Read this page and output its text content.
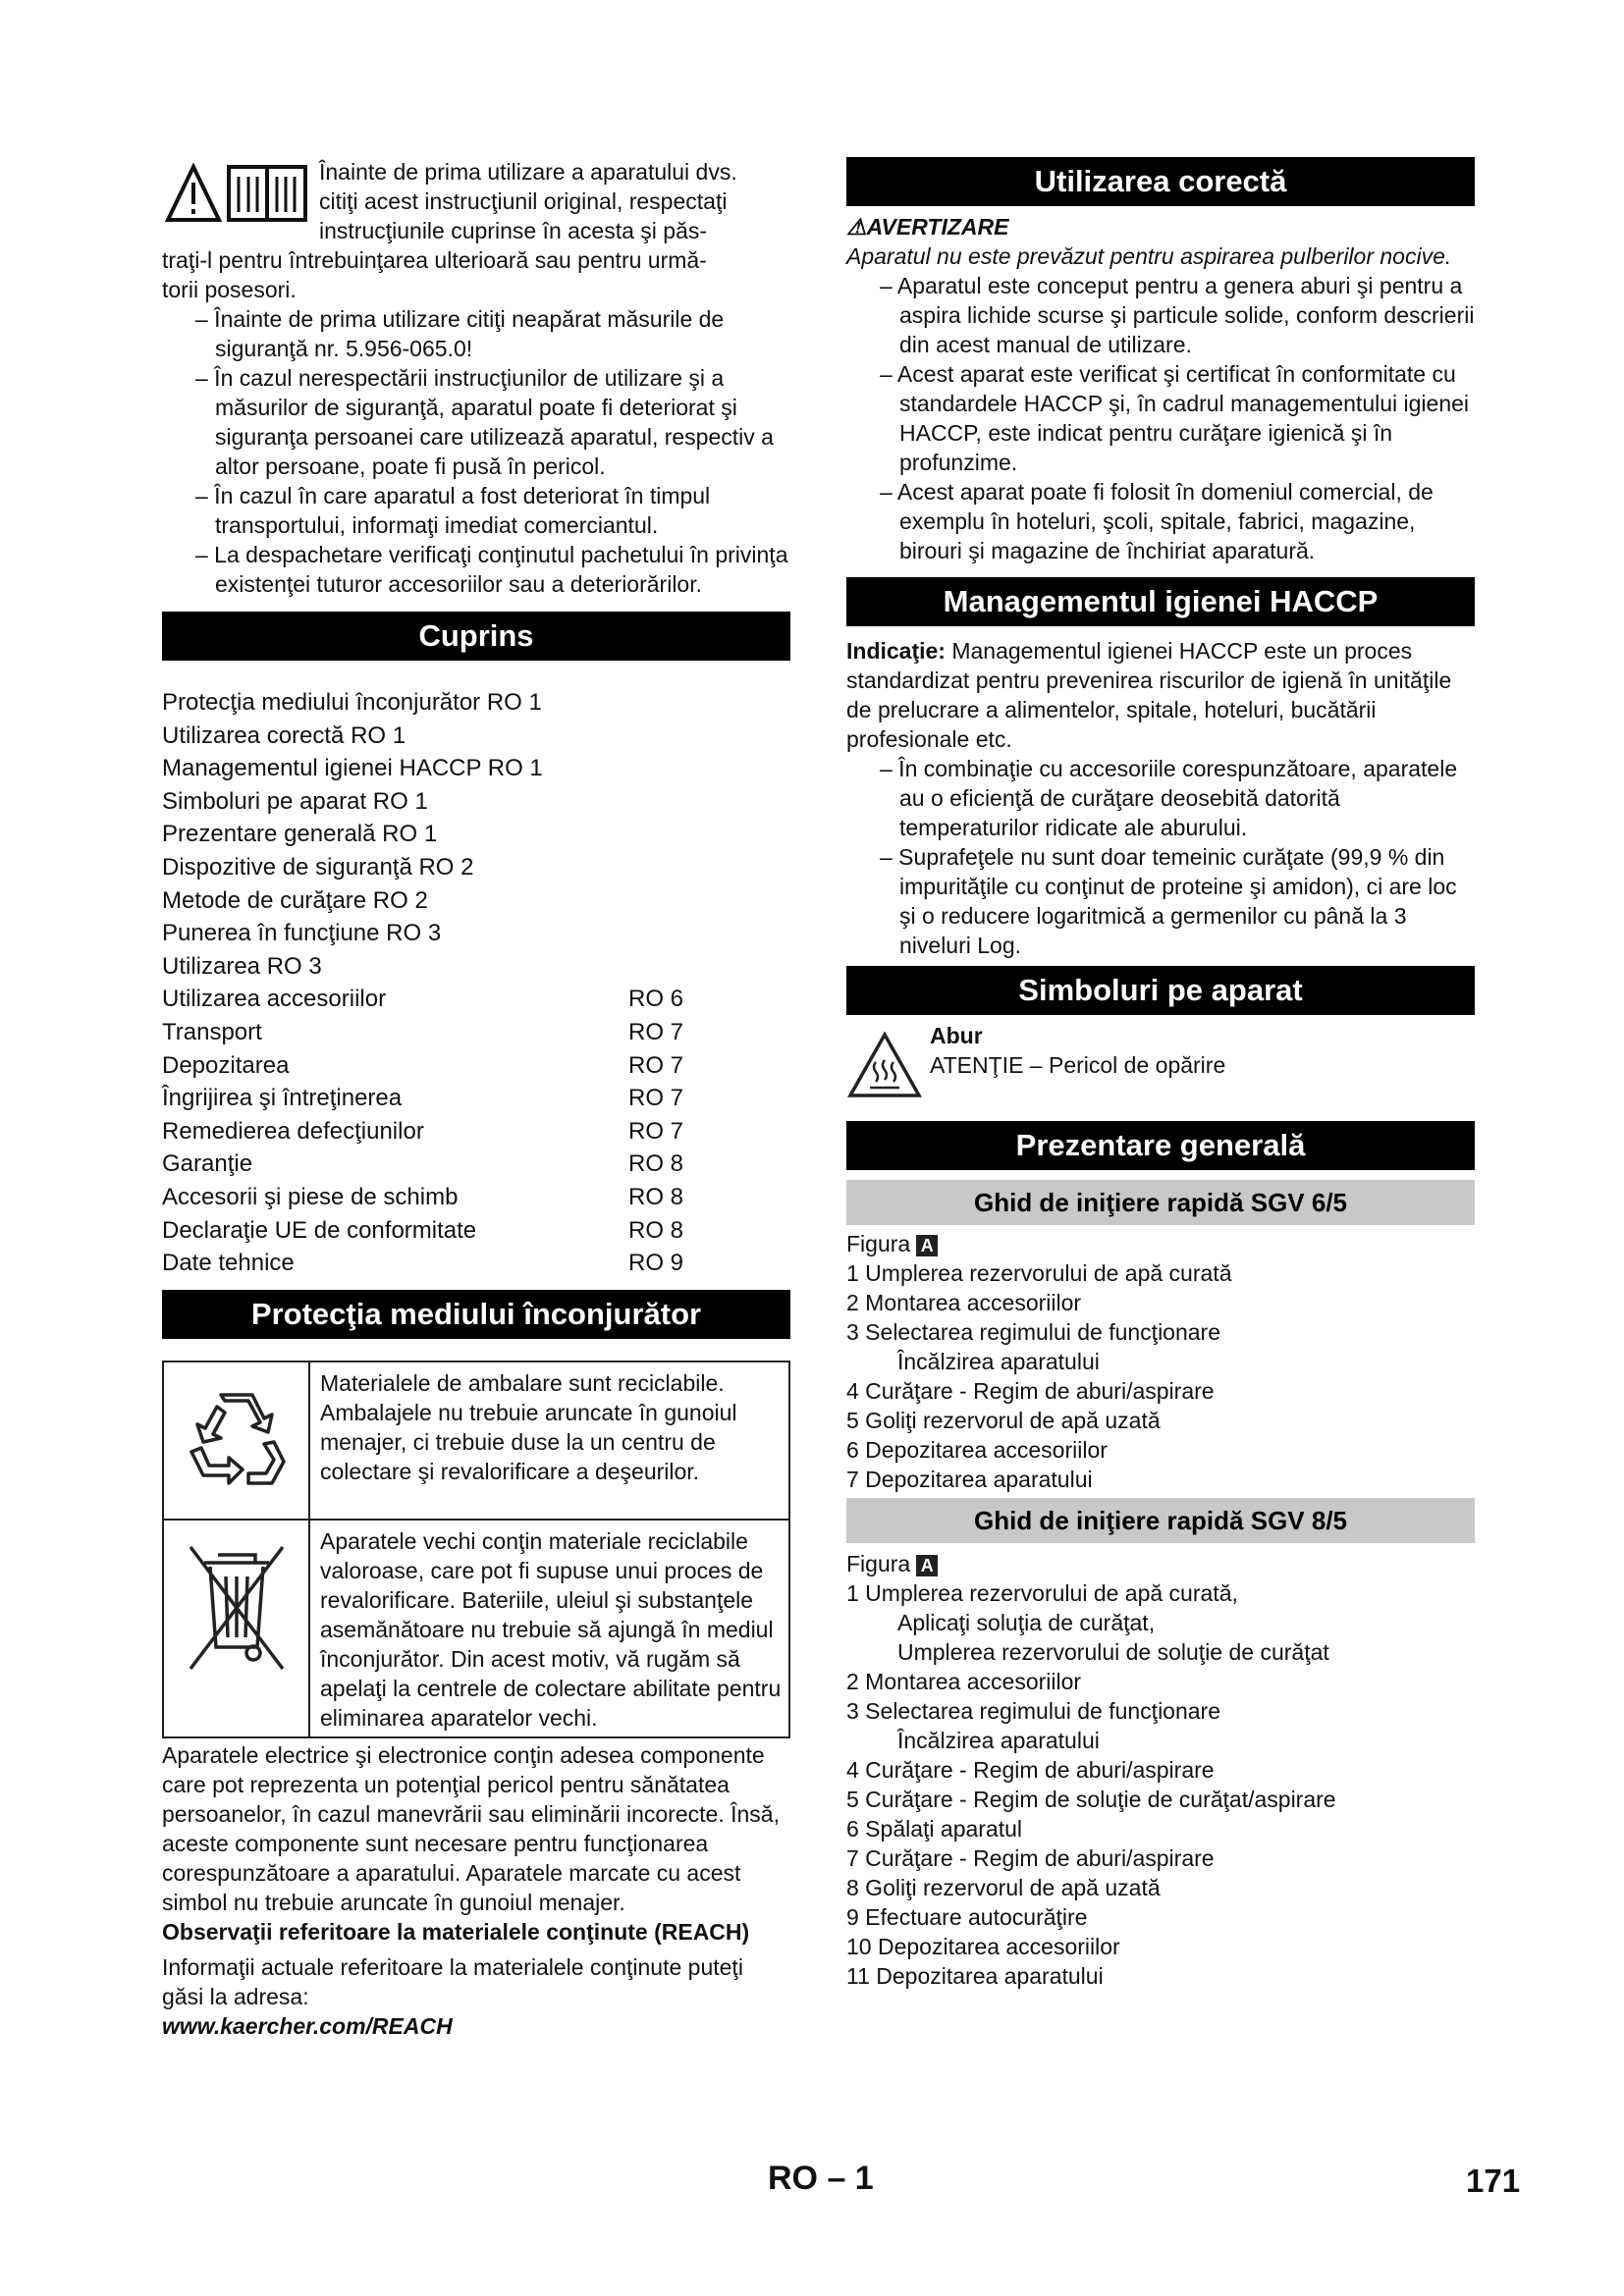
Înainte de prima utilizare a aparatului dvs.

citiţi acest instrucţiunil original, respectaţi

instrucţiunile cuprinse în acesta şi păs-

traţi-l pentru întrebuinţarea ulterioară sau pentru urmă-

torii posesori.

– Înainte de prima utilizare citiţi neapărat măsurile de siguranţă nr. 5.956-065.0!

– În cazul nerespectării instrucţiunilor de utilizare şi a măsurilor de siguranţă, aparatul poate fi deteriorat şi siguranţa persoanei care utilizează aparatul, respectiv a altor persoane, poate fi pusă în pericol.

– În cazul în care aparatul a fost deteriorat în timpul transportului, informaţi imediat comerciantul.

– La despachetare verificaţi conţinutul pachetului în privinţa existenţei tuturor accesoriilor sau a deteriorărilor.

Cuprins
Protecţia mediului înconjurător RO 1
Utilizarea corectă RO 1
Managementul igienei HACCP RO 1
Simboluri pe aparat RO 1
Prezentare generală RO 1
Dispozitive de siguranţă RO 2
Metode de curăţare RO 2
Punerea în funcţiune RO 3
Utilizarea RO 3
Utilizarea accesoriilor	RO 6
Transport	RO 7
Depozitarea	RO 7
Îngrijirea şi întreţinerea	RO 7
Remedierea defecţiunilor	RO 7
Garanţie	RO 8
Accesorii şi piese de schimb	RO 8
Declaraţie UE de conformitate	RO 8
Date tehnice	RO 9
Protecţia mediului înconjurător
	Materialele de ambalare sunt reciclabile. Ambalajele nu trebuie aruncate în gunoiul menajer, ci trebuie duse la un centru de colectare şi revalorificare a deşeurilor.
	Aparatele vechi conţin materiale reciclabile valoroase, care pot fi supuse unui proces de revalorificare. Bateriile, uleiul şi substanţele asemănătoare nu trebuie să ajungă în mediul înconjurător. Din acest motiv, vă rugăm să apelaţi la centrele de colectare abilitate pentru eliminarea aparatelor vechi.

Aparatele electrice şi electronice conţin adesea componente care pot reprezenta un potenţial pericol pentru sănătatea persoanelor, în cazul manevrării sau eliminării incorecte. Însă, aceste componente sunt necesare pentru funcţionarea corespunzătoare a aparatului. Aparatele marcate cu acest simbol nu trebuie aruncate în gunoiul menajer.

Observaţii referitoare la materialele conţinute (REACH)

Informaţii actuale referitoare la materialele conţinute puteţi găsi la adresa:

www.kaercher.com/REACH

Utilizarea corectă

⚠AVERTIZARE

Aparatul nu este prevăzut pentru aspirarea pulberilor nocive.

– Aparatul este conceput pentru a genera aburi şi pentru a aspira lichide scurse şi particule solide, conform descrierii din acest manual de utilizare.

– Acest aparat este verificat şi certificat în conformitate cu standardele HACCP şi, în cadrul managementului igienei HACCP, este indicat pentru curăţare igienică şi în profunzime.

– Acest aparat poate fi folosit în domeniul comercial, de exemplu în hoteluri, şcoli, spitale, fabrici, magazine, birouri şi magazine de închiriat aparatură.

Managementul igienei HACCP

Indicaţie: Managementul igienei HACCP este un proces standardizat pentru prevenirea riscurilor de igienă în unităţile de prelucrare a alimentelor, spitale, hoteluri, bucătării profesionale etc.

– În combinaţie cu accesoriile corespunzătoare, aparatele au o eficienţă de curăţare deosebită datorită temperaturilor ridicate ale aburului.

– Suprafeţele nu sunt doar temeinic curăţate (99,9 % din impurităţile cu conţinut de proteine şi amidon), ci are loc şi o reducere logaritmică a germenilor cu până la 3 niveluri Log.

Simboluri pe aparat

Abur

ATENŢIE – Pericol de opărire

Prezentare generală
Ghid de iniţiere rapidă SGV 6/5

Figura A

1 Umplerea rezervorului de apă curată

2 Montarea accesoriilor

3 Selectarea regimului de funcţionare

Încălzirea aparatului

4 Curăţare - Regim de aburi/aspirare

5 Goliţi rezervorul de apă uzată

6 Depozitarea accesoriilor

7 Depozitarea aparatului

Ghid de iniţiere rapidă SGV 8/5

Figura A

1 Umplerea rezervorului de apă curată,

Aplicaţi soluţia de curăţat,

Umplerea rezervorului de soluţie de curăţat

2 Montarea accesoriilor

3 Selectarea regimului de funcţionare

Încălzirea aparatului

4 Curăţare - Regim de aburi/aspirare

5 Curăţare - Regim de soluţie de curăţat/aspirare

6 Spălaţi aparatul

7 Curăţare - Regim de aburi/aspirare

8 Goliţi rezervorul de apă uzată

9 Efectuare autocurăţire

10 Depozitarea accesoriilor

11 Depozitarea aparatului

RO – 1	171
